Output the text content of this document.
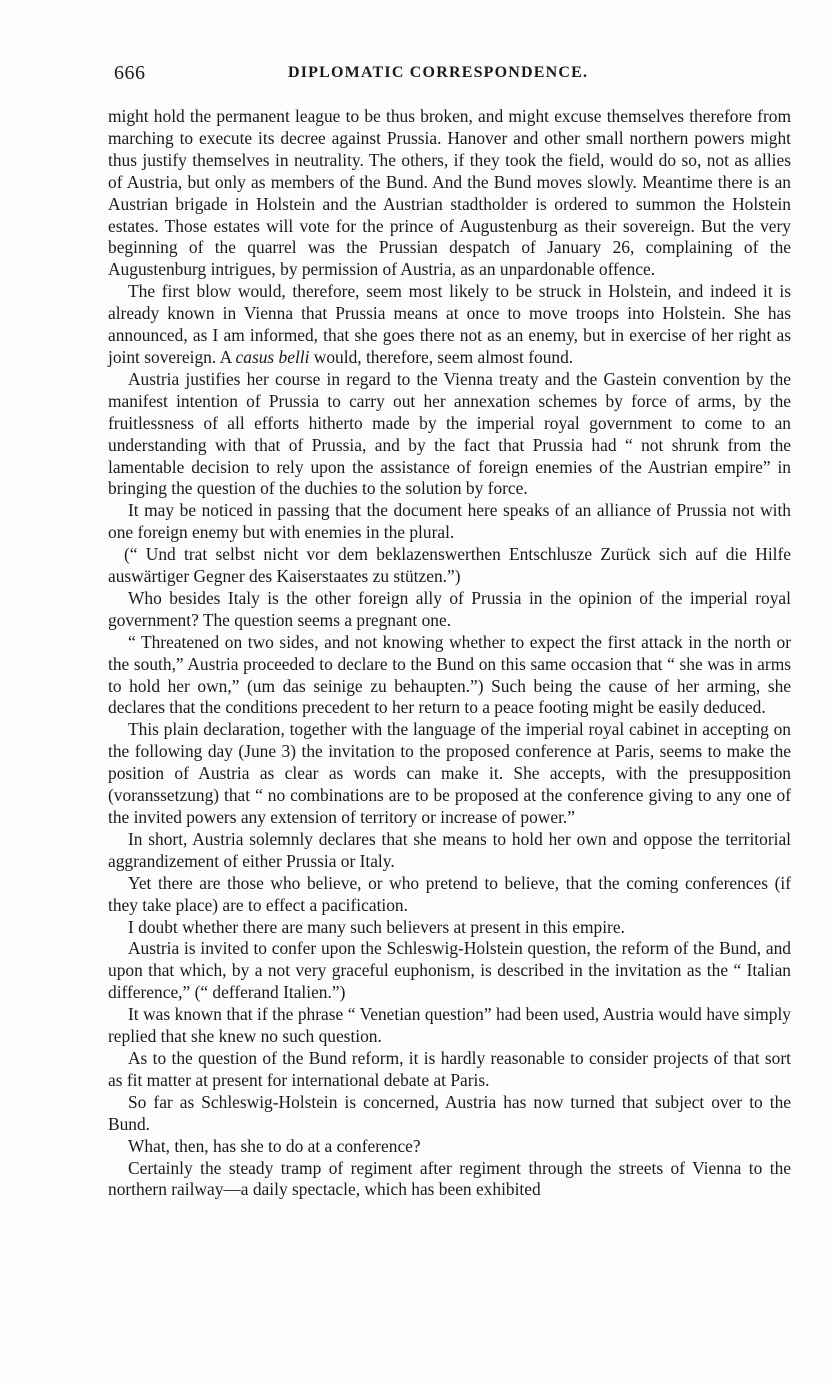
666	DIPLOMATIC CORRESPONDENCE.

might hold the permanent league to be thus broken, and might excuse themselves therefore from marching to execute its decree against Prussia. Hanover and other small northern powers might thus justify themselves in neutrality. The others, if they took the field, would do so, not as allies of Austria, but only as members of the Bund. And the Bund moves slowly. Meantime there is an Austrian brigade in Holstein and the Austrian stadtholder is ordered to summon the Holstein estates. Those estates will vote for the prince of Augustenburg as their sovereign. But the very beginning of the quarrel was the Prussian despatch of January 26, complaining of the Augustenburg intrigues, by permission of Austria, as an unpardonable offence.

The first blow would, therefore, seem most likely to be struck in Holstein, and indeed it is already known in Vienna that Prussia means at once to move troops into Holstein. She has announced, as I am informed, that she goes there not as an enemy, but in exercise of her right as joint sovereign. A casus belli would, therefore, seem almost found.

Austria justifies her course in regard to the Vienna treaty and the Gastein convention by the manifest intention of Prussia to carry out her annexation schemes by force of arms, by the fruitlessness of all efforts hitherto made by the imperial royal government to come to an understanding with that of Prussia, and by the fact that Prussia had “ not shrunk from the lamentable decision to rely upon the assistance of foreign enemies of the Austrian empire” in bringing the question of the duchies to the solution by force.

It may be noticed in passing that the document here speaks of an alliance of Prussia not with one foreign enemy but with enemies in the plural.

(“ Und trat selbst nicht vor dem beklazenswerthen Entschlusze Zurück sich auf die Hilfe auswärtiger Gegner des Kaiserstaates zu stützen.”)

Who besides Italy is the other foreign ally of Prussia in the opinion of the imperial royal government? The question seems a pregnant one.

“ Threatened on two sides, and not knowing whether to expect the first attack in the north or the south,” Austria proceeded to declare to the Bund on this same occasion that “ she was in arms to hold her own,” (um das seinige zu behaupten.”) Such being the cause of her arming, she declares that the conditions precedent to her return to a peace footing might be easily deduced.

This plain declaration, together with the language of the imperial royal cabinet in accepting on the following day (June 3) the invitation to the proposed conference at Paris, seems to make the position of Austria as clear as words can make it. She accepts, with the presupposition (voranssetzung) that “ no combinations are to be proposed at the conference giving to any one of the invited powers any extension of territory or increase of power.”

In short, Austria solemnly declares that she means to hold her own and oppose the territorial aggrandizement of either Prussia or Italy.

Yet there are those who believe, or who pretend to believe, that the coming conferences (if they take place) are to effect a pacification.

I doubt whether there are many such believers at present in this empire.

Austria is invited to confer upon the Schleswig-Holstein question, the reform of the Bund, and upon that which, by a not very graceful euphonism, is described in the invitation as the “ Italian difference,” (“ defferand Italien.”)

It was known that if the phrase “ Venetian question” had been used, Austria would have simply replied that she knew no such question.

As to the question of the Bund reform, it is hardly reasonable to consider projects of that sort as fit matter at present for international debate at Paris.

So far as Schleswig-Holstein is concerned, Austria has now turned that subject over to the Bund.

What, then, has she to do at a conference?

Certainly the steady tramp of regiment after regiment through the streets of Vienna to the northern railway—a daily spectacle, which has been exhibited
